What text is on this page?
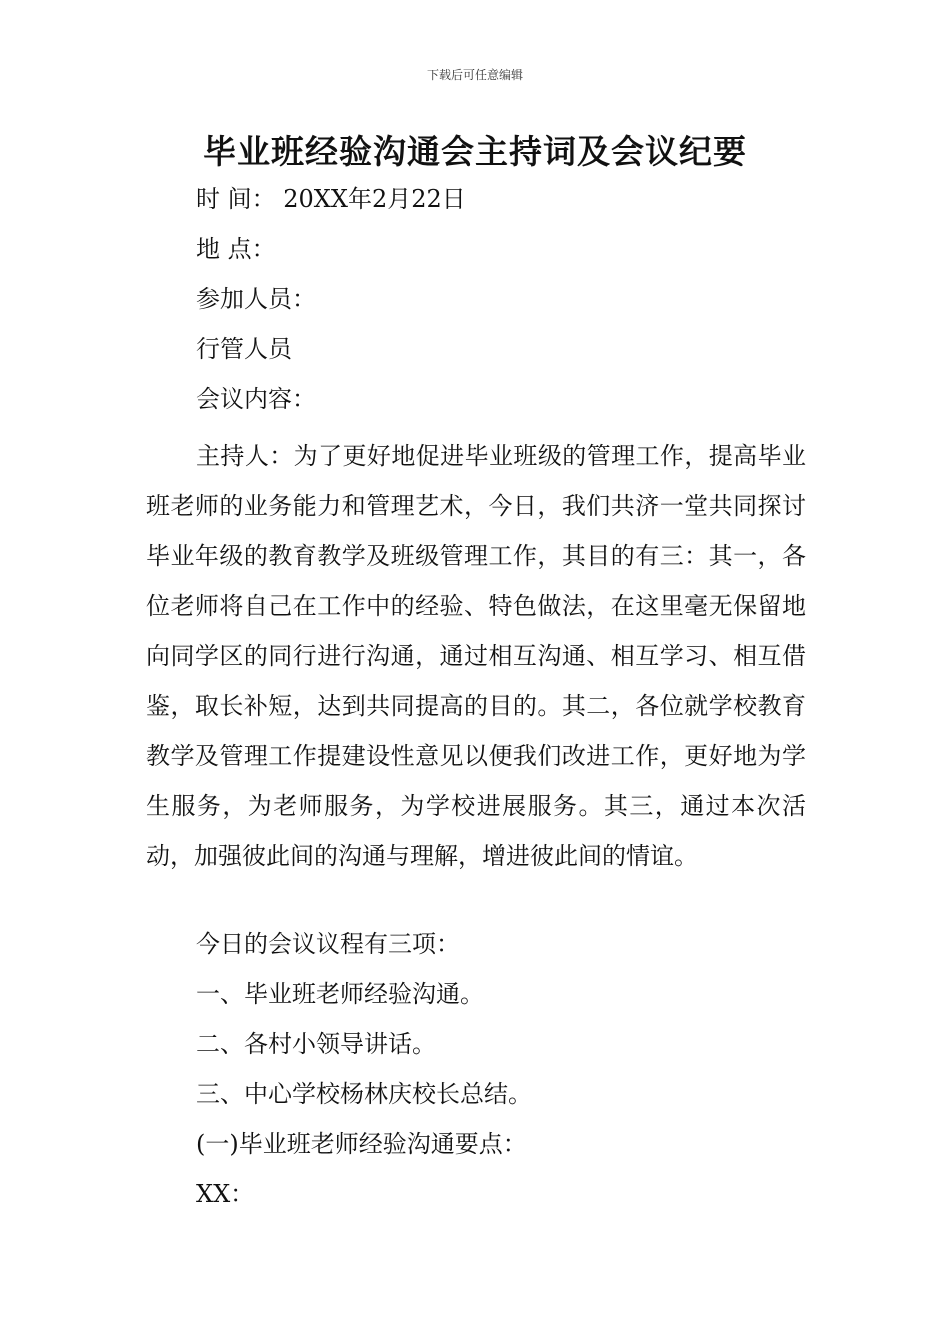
下载后可任意编辑
毕业班经验沟通会主持词及会议纪要
时 间： 20XX年2月22日
地 点：
参加人员：
行管人员
会议内容：

主持人：为了更好地促进毕业班级的管理工作，提高毕业班老师的业务能力和管理艺术，今日，我们共济一堂共同探讨毕业年级的教育教学及班级管理工作，其目的有三：其一，各位老师将自己在工作中的经验、特色做法，在这里毫无保留地向同学区的同行进行沟通，通过相互沟通、相互学习、相互借鉴，取长补短，达到共同提高的目的。其二，各位就学校教育教学及管理工作提建设性意见以便我们改进工作，更好地为学生服务，为老师服务，为学校进展服务。其三，通过本次活动，加强彼此间的沟通与理解，增进彼此间的情谊。

今日的会议议程有三项：
一、毕业班老师经验沟通。
二、各村小领导讲话。
三、中心学校杨林庆校长总结。
(一)毕业班老师经验沟通要点：
XX：
